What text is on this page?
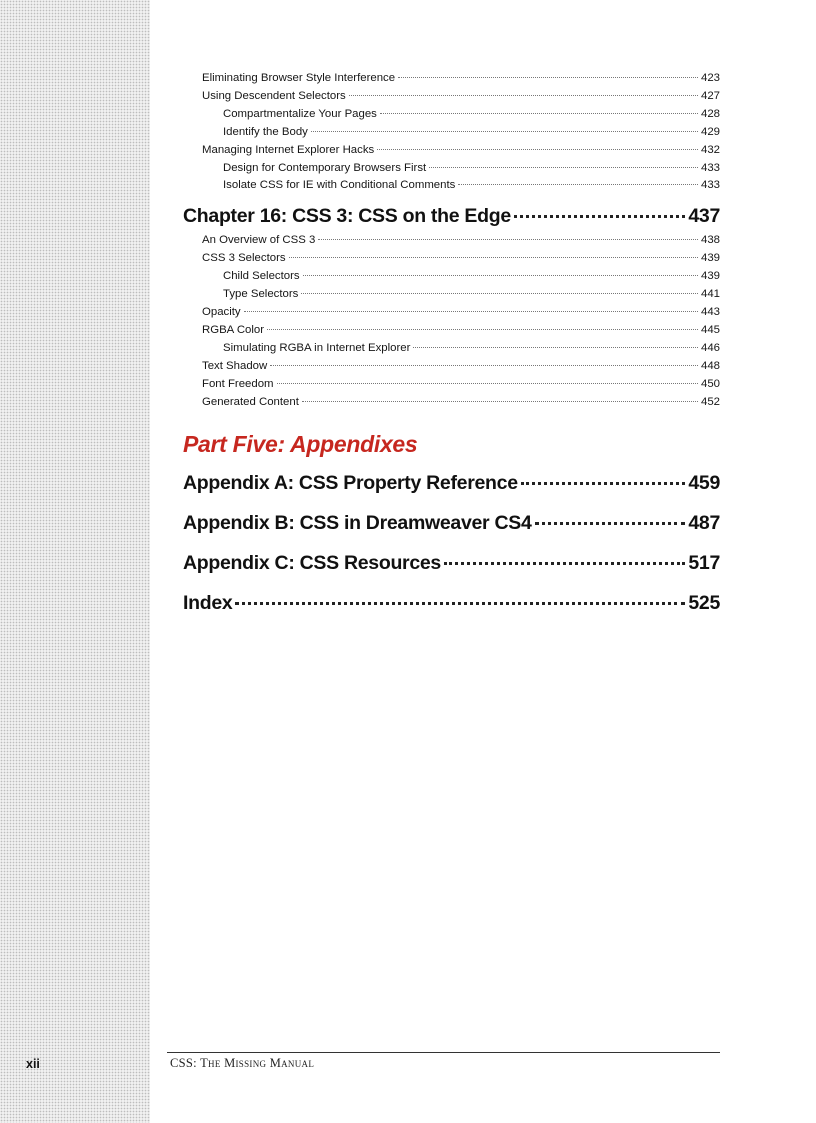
Eliminating Browser Style Interference	423
Using Descendent Selectors	427
Compartmentalize Your Pages	428
Identify the Body	429
Managing Internet Explorer Hacks	432
Design for Contemporary Browsers First	433
Isolate CSS for IE with Conditional Comments	433
Chapter 16: CSS 3: CSS on the Edge	437
An Overview of CSS 3	438
CSS 3 Selectors	439
Child Selectors	439
Type Selectors	441
Opacity	443
RGBA Color	445
Simulating RGBA in Internet Explorer	446
Text Shadow	448
Font Freedom	450
Generated Content	452
Part Five: Appendixes
Appendix A: CSS Property Reference	459
Appendix B: CSS in Dreamweaver CS4	487
Appendix C: CSS Resources	517
Index	525
xii	CSS: The Missing Manual
